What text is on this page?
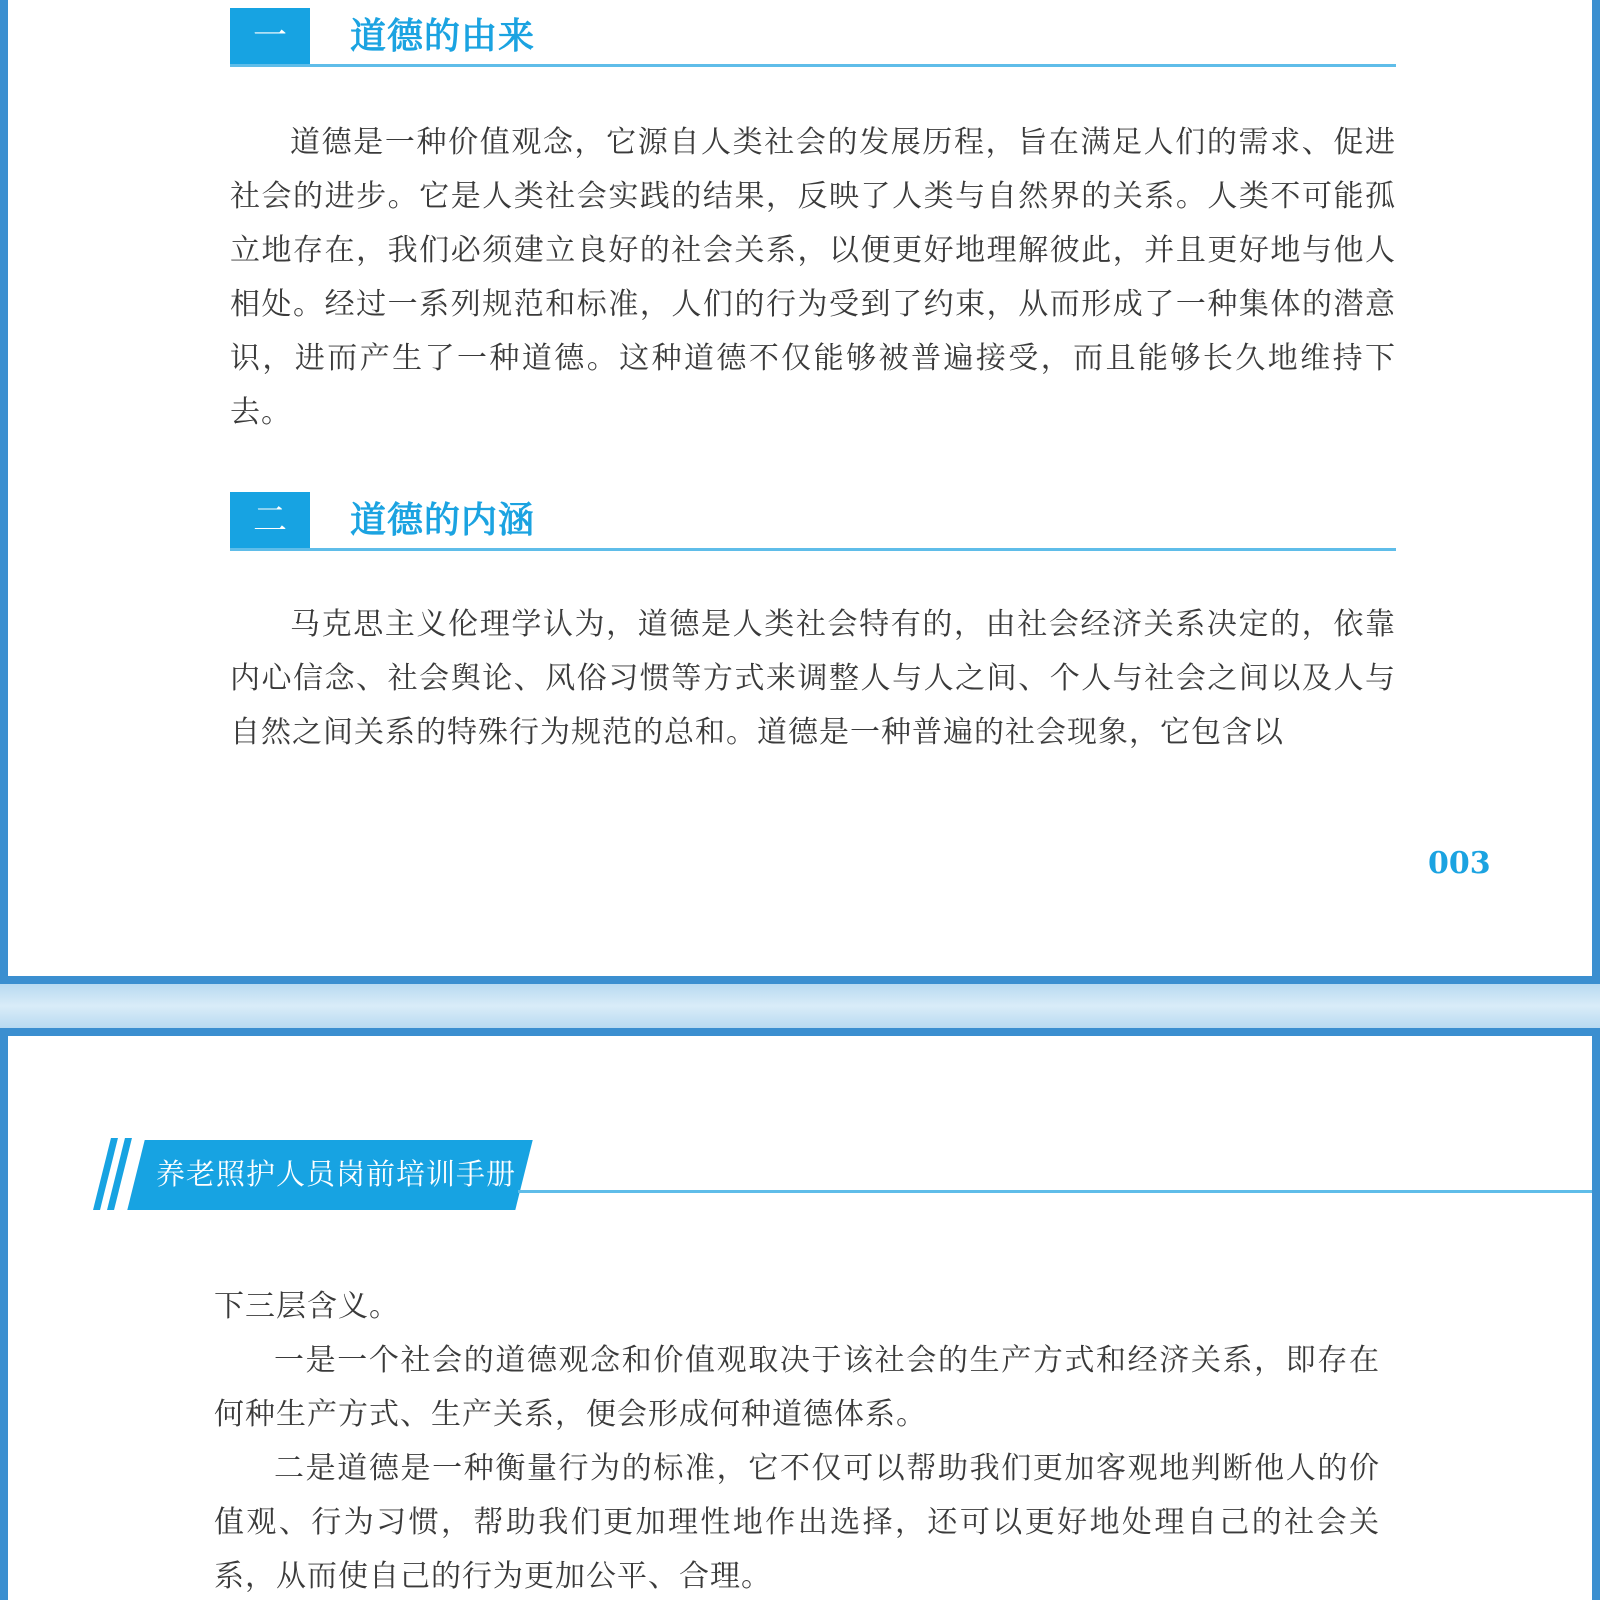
一	道德的由来

道德是一种价值观念，它源自人类社会的发展历程，旨在满足人们的需求、促进社会的进步。它是人类社会实践的结果，反映了人类与自然界的关系。人类不可能孤立地存在，我们必须建立良好的社会关系，以便更好地理解彼此，并且更好地与他人相处。经过一系列规范和标准，人们的行为受到了约束，从而形成了一种集体的潜意识，进而产生了一种道德。这种道德不仅能够被普遍接受，而且能够长久地维持下去。

二	道德的内涵

马克思主义伦理学认为，道德是人类社会特有的，由社会经济关系决定的，依靠内心信念、社会舆论、风俗习惯等方式来调整人与人之间、个人与社会之间以及人与自然之间关系的特殊行为规范的总和。道德是一种普遍的社会现象，它包含以

003
养老照护人员岗前培训手册

下三层含义。

一是一个社会的道德观念和价值观取决于该社会的生产方式和经济关系，即存在何种生产方式、生产关系，便会形成何种道德体系。

二是道德是一种衡量行为的标准，它不仅可以帮助我们更加客观地判断他人的价值观、行为习惯，帮助我们更加理性地作出选择，还可以更好地处理自己的社会关系，从而使自己的行为更加公平、合理。
